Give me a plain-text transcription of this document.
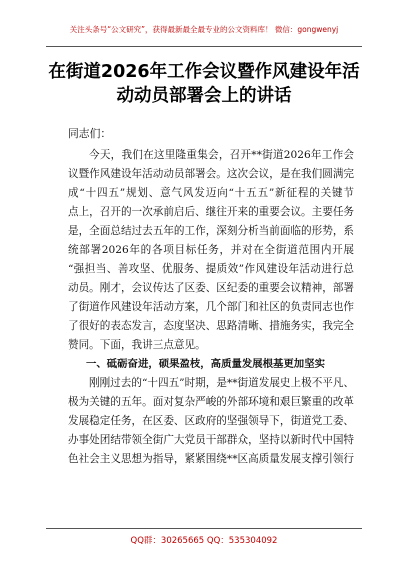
关注头条号“公文研究”，获得最新最全最专业的公文资料库！ 微信：gongwenyj
在街道2026年工作会议暨作风建设年活
动动员部署会上的讲话
同志们：
今天，我们在这里隆重集会，召开**街道2026年工作会
议暨作风建设年活动动员部署会。这次会议，是在我们圆满完
成“十四五”规划、意气风发迈向“十五五”新征程的关键节
点上，召开的一次承前启后、继往开来的重要会议。主要任务
是，全面总结过去五年的工作，深刻分析当前面临的形势，系
统部署2026年的各项目标任务，并对在全街道范围内开展
“强担当、善攻坚、优服务、提质效”作风建设年活动进行总
动员。刚才，会议传达了区委、区纪委的重要会议精神，部署
了街道作风建设年活动方案，几个部门和社区的负责同志也作
了很好的表态发言，态度坚决、思路清晰、措施务实，我完全
赞同。下面，我讲三点意见。
一、砥砺奋进，硕果盈枝，高质量发展根基更加坚实
刚刚过去的“十四五”时期，是**街道发展史上极不平凡、
极为关键的五年。面对复杂严峻的外部环境和艰巨繁重的改革
发展稳定任务，在区委、区政府的坚强领导下，街道党工委、
办事处团结带领全街广大党员干部群众，坚持以新时代中国特
色社会主义思想为指导，紧紧围绕**区高质量发展支撑引领行
QQ群：30265665 QQ：535304092
